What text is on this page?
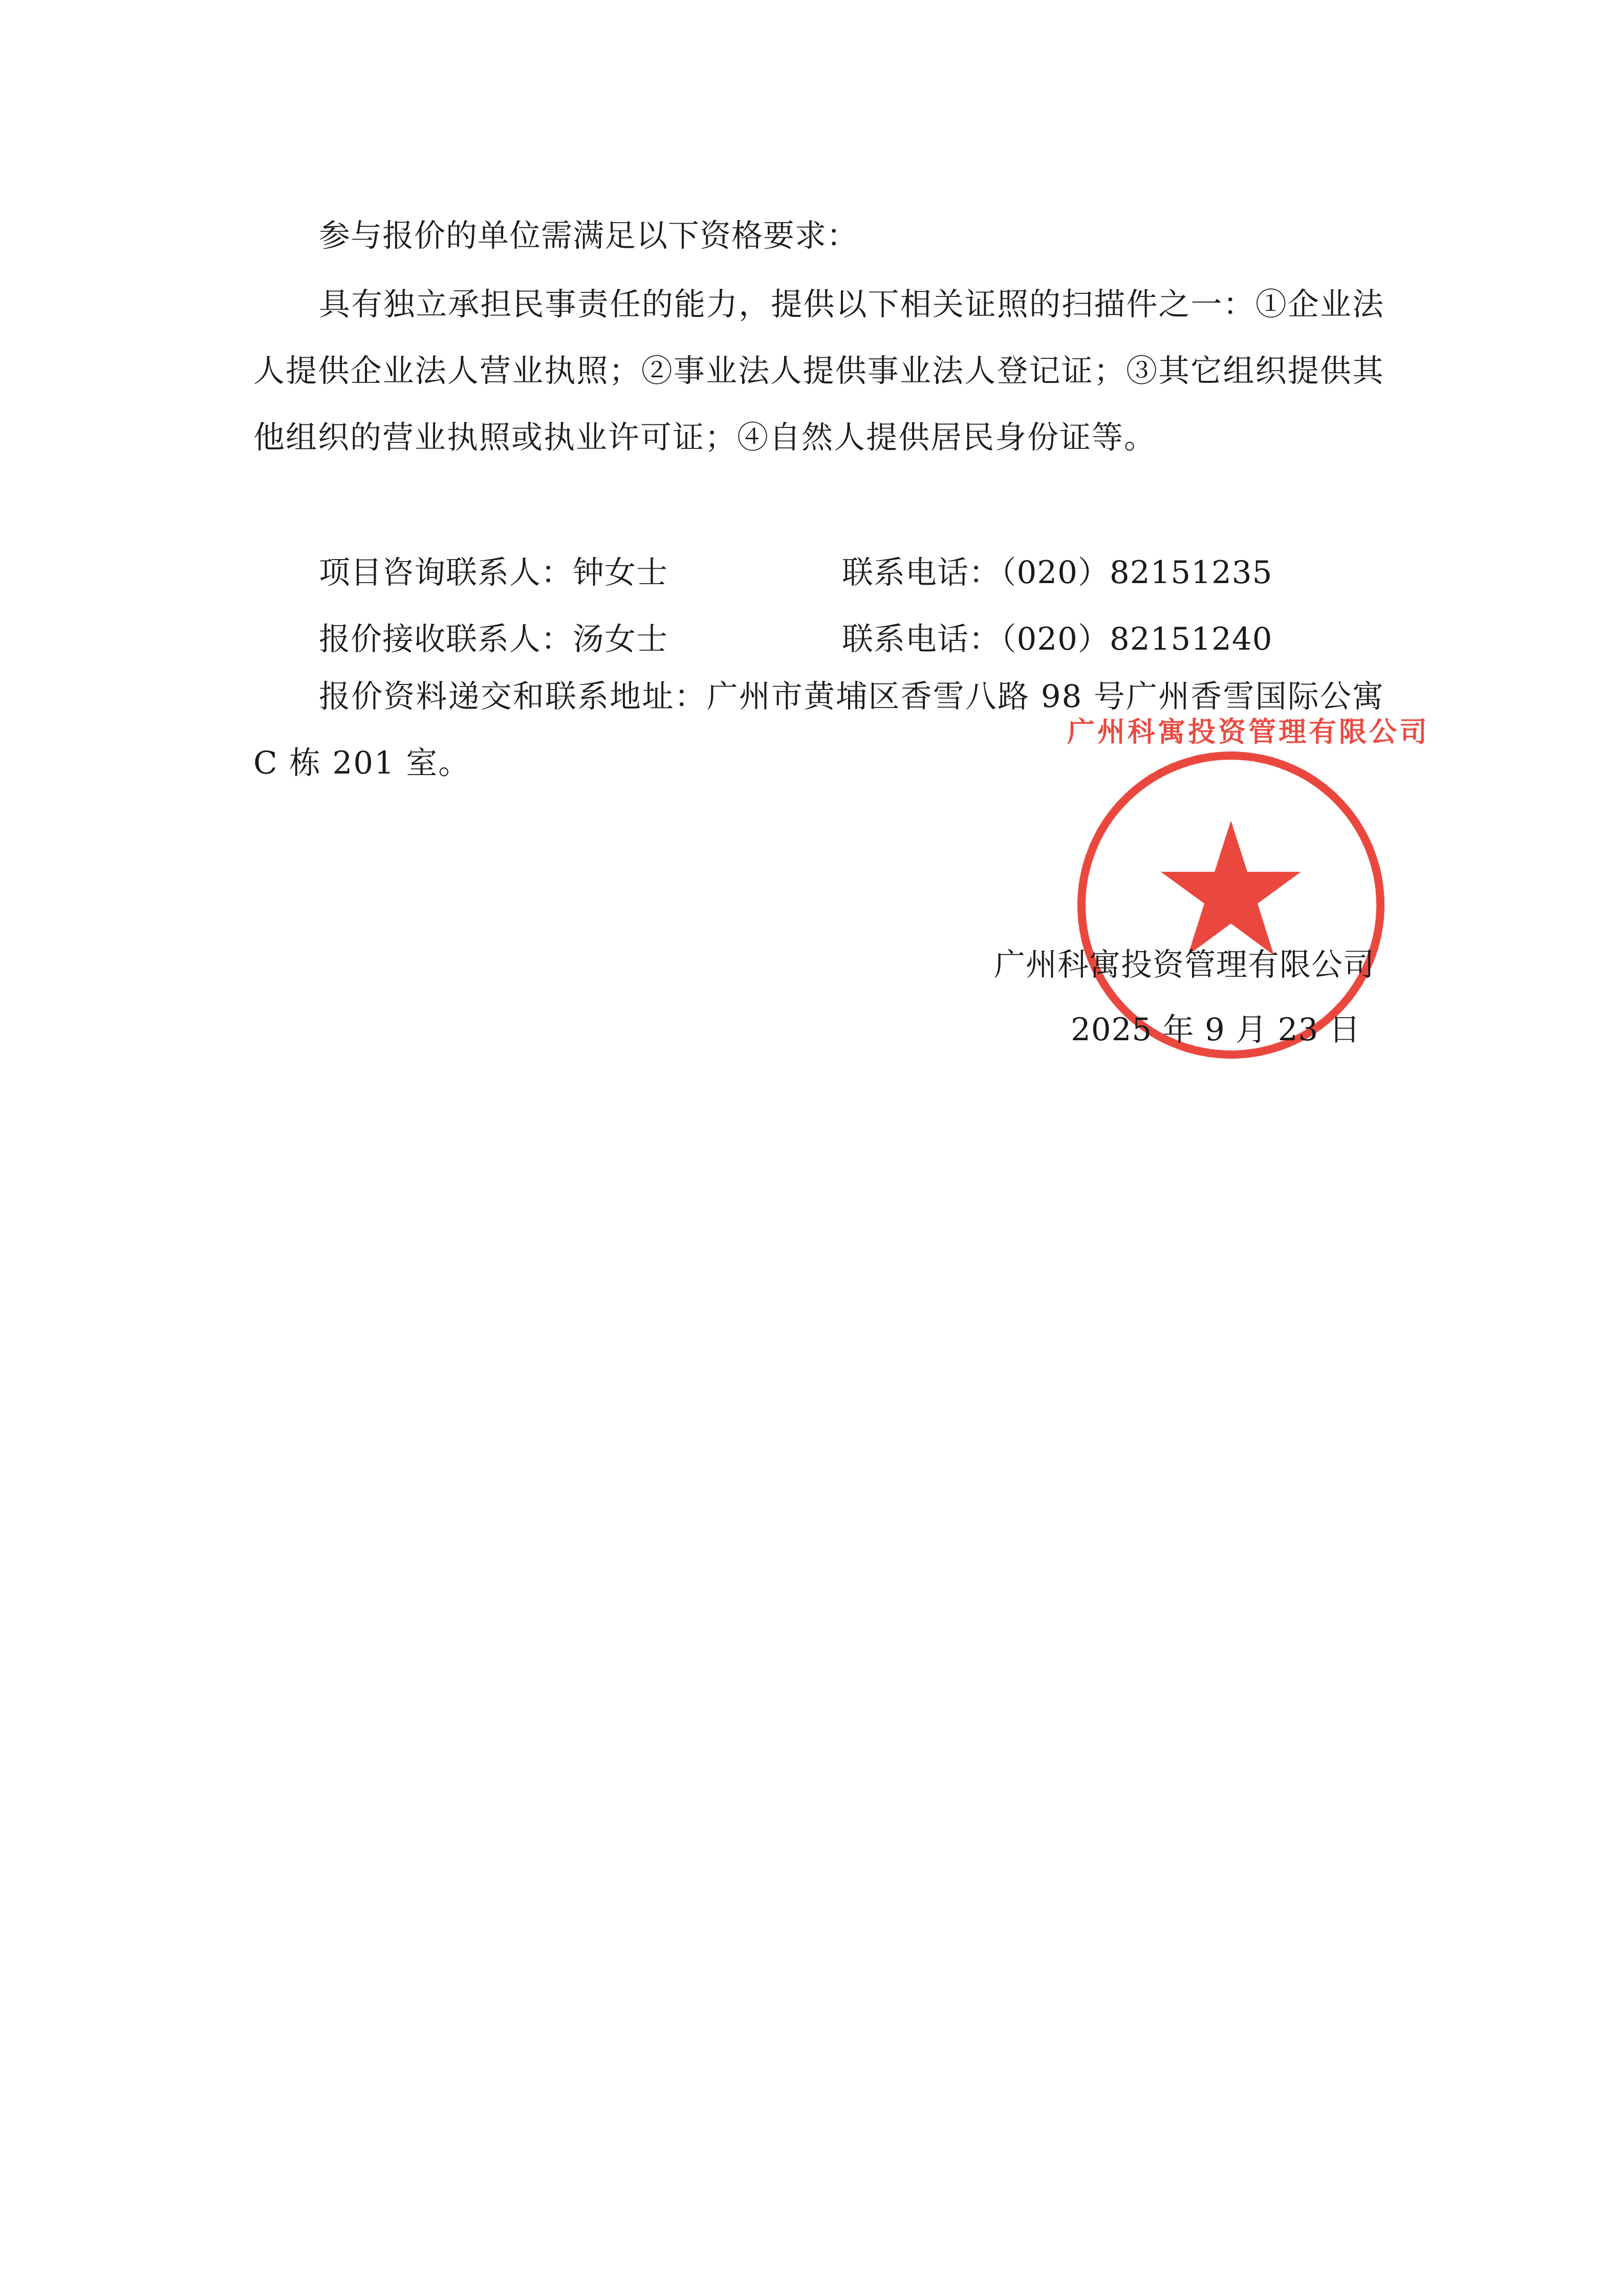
参与报价的单位需满足以下资格要求：
具有独立承担民事责任的能力，提供以下相关证照的扫描件之一：①企业法人提供企业法人营业执照；②事业法人提供事业法人登记证；③其它组织提供其他组织的营业执照或执业许可证；④自然人提供居民身份证等。
项目咨询联系人：钟女士	联系电话：（020）82151235
报价接收联系人：汤女士	联系电话：（020）82151240
报价资料递交和联系地址：广州市黄埔区香雪八路 98 号广州香雪国际公寓 C 栋 201 室。
广州科寓投资管理有限公司
广州科寓投资管理有限公司
2025 年 9 月 23 日
